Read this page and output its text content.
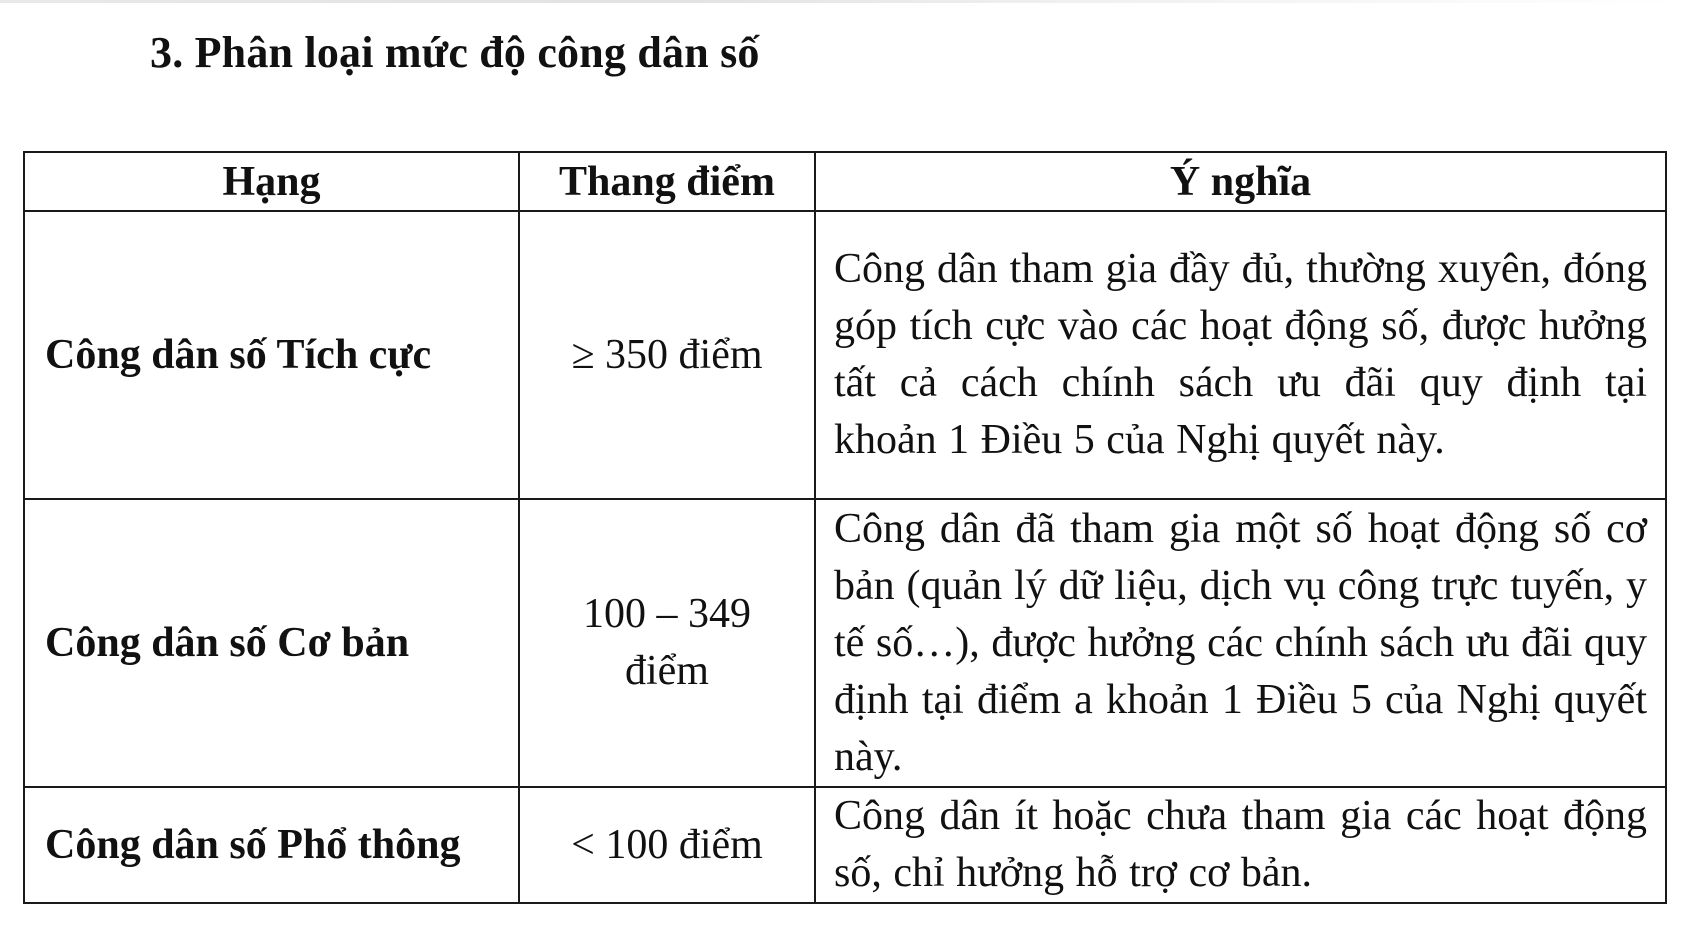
3. Phân loại mức độ công dân số
Hạng	Thang điểm	Ý nghĩa

Công dân số Tích cực	≥ 350 điểm	Công dân tham gia đầy đủ, thường xuyên, đóng góp tích cực vào các hoạt động số, được hưởng tất cả cách chính sách ưu đãi quy định tại khoản 1 Điều 5 của Nghị quyết này.

Công dân số Cơ bản	100 – 349 điểm	Công dân đã tham gia một số hoạt động số cơ bản (quản lý dữ liệu, dịch vụ công trực tuyến, y tế số…), được hưởng các chính sách ưu đãi quy định tại điểm a khoản 1 Điều 5 của Nghị quyết này.

Công dân số Phổ thông	< 100 điểm	Công dân ít hoặc chưa tham gia các hoạt động số, chỉ hưởng hỗ trợ cơ bản.
